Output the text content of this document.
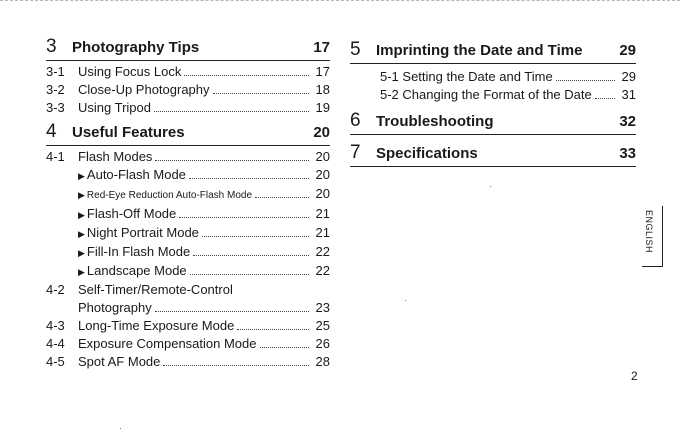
3	Photography Tips	17
3-1	Using Focus Lock	17
3-2	Close-Up Photography	18
3-3	Using Tripod	19
4	Useful Features	20
4-1	Flash Modes	20
▶ Auto-Flash Mode	20
▶ Red-Eye Reduction Auto-Flash Mode	20
▶ Flash-Off Mode	21
▶ Night Portrait Mode	21
▶ Fill-In Flash Mode	22
▶ Landscape Mode	22
4-2	Self-Timer/Remote-Control
Photography	23
4-3	Long-Time Exposure Mode	25
4-4	Exposure Compensation Mode	26
4-5	Spot AF Mode	28
5	Imprinting the Date and Time	29
5-1 Setting the Date and Time	29
5-2 Changing the Format of the Date 31
6	Troubleshooting	32
7	Specifications	33
ENGLISH
2
